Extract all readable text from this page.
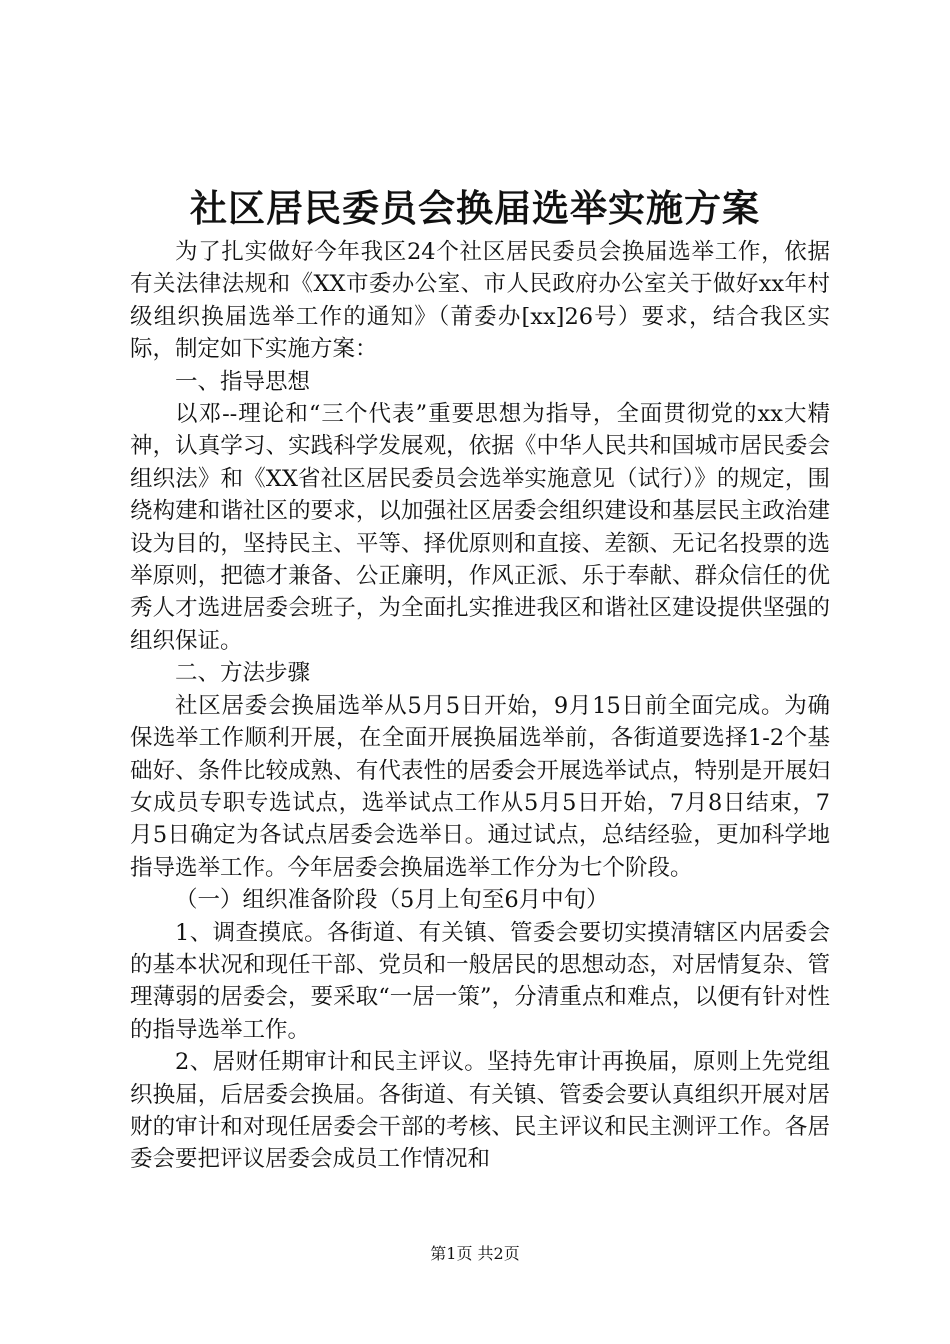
社区居民委员会换届选举实施方案

为了扎实做好今年我区24个社区居民委员会换届选举工作，依据有关法律法规和《XX市委办公室、市人民政府办公室关于做好xx年村级组织换届选举工作的通知》（莆委办[xx]26号）要求，结合我区实际，制定如下实施方案：

一、指导思想

以邓--理论和“三个代表”重要思想为指导，全面贯彻党的xx大精神，认真学习、实践科学发展观，依据《中华人民共和国城市居民委会组织法》和《XX省社区居民委员会选举实施意见（试行）》的规定，围绕构建和谐社区的要求，以加强社区居委会组织建设和基层民主政治建设为目的，坚持民主、平等、择优原则和直接、差额、无记名投票的选举原则，把德才兼备、公正廉明，作风正派、乐于奉献、群众信任的优秀人才选进居委会班子，为全面扎实推进我区和谐社区建设提供坚强的组织保证。

二、方法步骤

社区居委会换届选举从5月5日开始，9月15日前全面完成。为确保选举工作顺利开展，在全面开展换届选举前，各街道要选择1-2个基础好、条件比较成熟、有代表性的居委会开展选举试点，特别是开展妇女成员专职专选试点，选举试点工作从5月5日开始，7月8日结束，7月5日确定为各试点居委会选举日。通过试点，总结经验，更加科学地指导选举工作。今年居委会换届选举工作分为七个阶段。

（一）组织准备阶段（5月上旬至6月中旬）

1、调查摸底。各街道、有关镇、管委会要切实摸清辖区内居委会的基本状况和现任干部、党员和一般居民的思想动态，对居情复杂、管理薄弱的居委会，要采取“一居一策”，分清重点和难点，以便有针对性的指导选举工作。

2、居财任期审计和民主评议。坚持先审计再换届，原则上先党组织换届，后居委会换届。各街道、有关镇、管委会要认真组织开展对居财的审计和对现任居委会干部的考核、民主评议和民主测评工作。各居委会要把评议居委会成员工作情况和

第1页 共2页
